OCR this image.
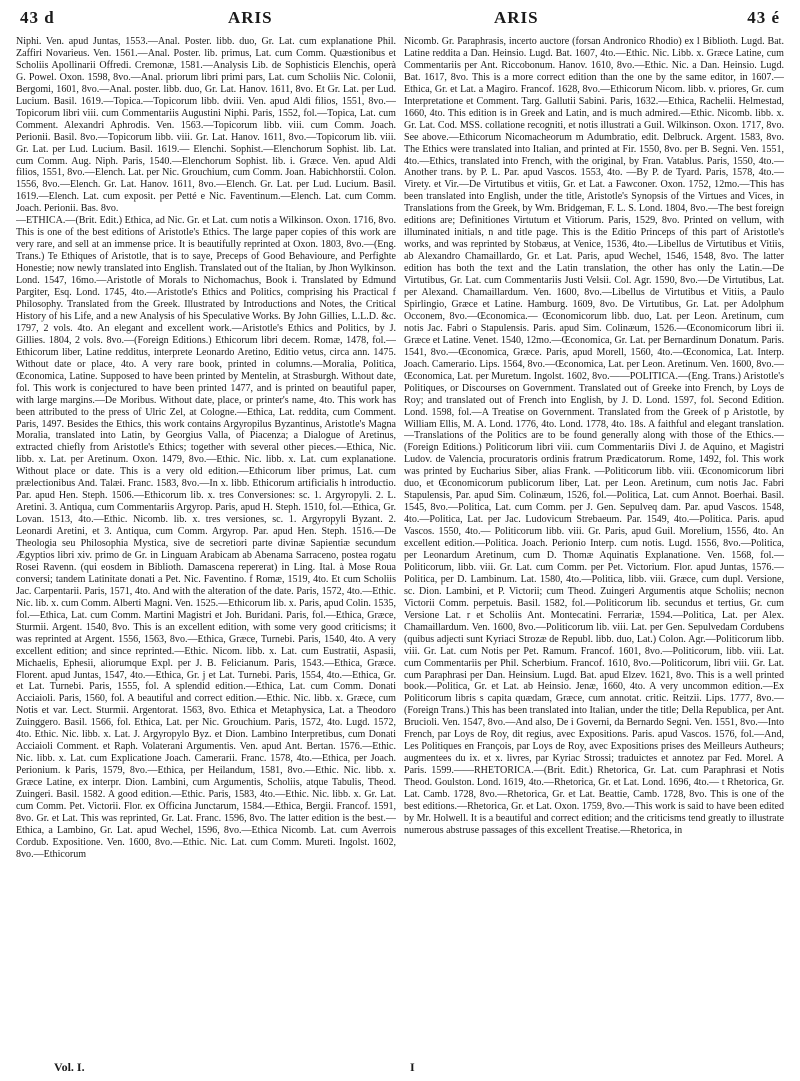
43 d	ARIS	ARIS	43 é

Niphi. Ven. apud Juntas, 1553.—Anal. Poster. libb. duo, Gr. Lat. cum explanatione Phil. Zaffiri Novarieus. Ven. 1561.—Anal. Poster. lib. primus, Lat. cum Comm. Quæstionibus et Scholiis Apollinarii Offredi. Cremonæ, 1581.—Analysis Lib. de Sophisticis Elenchis, operà G. Powel. Oxon. 1598, 8vo.—Anal. priorum libri primi pars, Lat. cum Scholiis Nic. Colonii, Bergomi, 1601, 8vo.—Anal. poster. libb. duo, Gr. Lat. Hanov. 1611, 8vo. Et Gr. Lat. per Lud. Lucium. Basil. 1619.—Topica.—Topicorum libb. dviii. Ven. apud Aldi filios, 1551, 8vo.—Topicorum libri viii. cum Commentariis Augustini Niphi. Paris, 1552, fol.—Topica, Lat. cum Comment. Alexandri Aphrodis. Ven. 1563.—Topicorum libb. viii. cum Comm. Joach. Perionii. Basil. 8vo.—Topicorum libb. viii. Gr. Lat. Hanov. 1611, 8vo.—Topicorum lib. viii. Gr. Lat. per Lud. Lucium. Basil. 1619.— Elenchi. Sophist.—Elenchorum Sophist. lib. Lat. cum Comm. Aug. Niph. Paris, 1540.—Elenchorum Sophist. lib. i. Græce. Ven. apud Aldi filios, 1551, 8vo.—Elench. Lat. per Nic. Grouchium, cum Comm. Joan. Habichhorstii. Colon. 1556, 8vo.—Elench. Gr. Lat. Hanov. 1611, 8vo.—Elench. Gr. Lat. per Lud. Lucium. Basil. 1619.—Elench. Lat. cum exposit. per Petté e Nic. Faventinum.—Elench. Lat. cum Comm. Joach. Perionii. Bas. 8vo.

—ETHICA.—(Brit. Edit.) Ethica, ad Nic. Gr. et Lat. cum notis a Wilkinson. Oxon. 1716, 8vo. This is one of the best editions of Aristotle's Ethics. The large paper copies of this work are very rare, and sell at an immense price. It is beautifully reprinted at Oxon. 1803, 8vo.—(Eng. Trans.) Te Ethiques of Aristotle, that is to saye, Preceps of Good Behavioure, and Perfighte Honestie; now newly translated into English. Translated out of the Italian, by Jhon Wylkinson. Lond. 1547, 16mo.—Aristotle of Morals to Nichomachus, Book i. Translated by Edmund Pargiter, Esq. Lond. 1745, 4to.—Aristotle's Ethics and Politics, comprising his Practical f Philosophy. Translated from the Greek. Illustrated by Introductions and Notes, the Critical History of his Life, and a new Analysis of his Speculative Works. By John Gillies, L.L.D. &c. 1797, 2 vols. 4to. An elegant and excellent work.—Aristotle's Ethics and Politics, by J. Gillies. 1804, 2 vols. 8vo.—(Foreign Editions.) Ethicorum libri decem. Romæ, 1478, fol.—Ethicorum liber, Latine redditus, interprete Leonardo Aretino, Editio vetus, circa ann. 1475. Without date or place, 4to. A very rare book, printed in columns.—Moralia, Politica, Œconomica, Latine. Supposed to have been printed by Mentelin, at Strasburgh. Without date, fol. This work is conjectured to have been printed 1477, and is printed on beautiful paper, with large margins.—De Moribus. Without date, place, or printer's name, 4to. This work has been attributed to the press of Ulric Zel, at Cologne.—Ethica, Lat. reddita, cum Comment. Paris, 1497. Besides the Ethics, this work contains Argyropilus Byzantinus, Aristotle's Magna Moralia, translated into Latin, by Georgius Valla, of Piacenza; a Dialogue of Aretinus, extracted chiefly from Aristotle's Ethics; together with several other pieces.—Ethica, Nic. libb. x. Lat. per Aretinum. Oxon. 1479, 8vo.—Ethic. Nic. libb. x. Lat. cum explanatione. Without place or date. This is a very old edition.—Ethicorum liber primus, Lat. cum prælectionibus And. Talæi. Franc. 1583, 8vo.—In x. libb. Ethicorum artificialis h introductio. Par. apud Hen. Steph. 1506.—Ethicorum lib. x. tres Conversiones: sc. 1. Argyropyli. 2. L. Aretini. 3. Antiqua, cum Commentariis Argyrop. Paris, apud H. Steph. 1510, fol.—Ethica, Gr. Lovan. 1513, 4to.—Ethic. Nicomb. lib. x. tres versiones, sc. 1. Argyropyli Byzant. 2. Leonardi Aretini, et 3. Antiqua, cum Comm. Argyrop. Par. apud Hen. Steph. 1516.—De Theologia seu Philosophia Mystica, sive de secretiori parte divinæ Sapientiæ secundum Ægyptios libri xiv. primo de Gr. in Linguam Arabicam ab Abenama Sarraceno, postea rogatu Rosei Ravenn. (qui eosdem in Biblioth. Damascena repererat) in Ling. Ital. à Mose Roua conversi; tandem Latinitate donati a Pet. Nic. Faventino. f Romæ, 1519, 4to. Et cum Scholiis Jac. Carpentarii. Paris, 1571, 4to. And with the alteration of the date. Paris, 1572, 4to.—Ethic. Nic. lib. x. cum Comm. Alberti Magni. Ven. 1525.—Ethicorum lib. x. Paris, apud Colin. 1535, fol.—Ethica, Lat. cum Comm. Martini Magistri et Joh. Buridani. Paris, fol.—Ethica, Græce, Sturmii. Argent. 1540, 8vo. This is an excellent edition, with some very good criticisms; it was reprinted at Argent. 1556, 1563, 8vo.—Ethica, Græce, Turnebi. Paris, 1540, 4to. A very excellent edition; and since reprinted.—Ethic. Nicom. libb. x. Lat. cum Eustratii, Aspasii, Michaelis, Ephesii, aliorumque Expl. per J. B. Felicianum. Paris, 1543.—Ethica, Græce. Florent. apud Juntas, 1547, 4to.—Ethica, Gr. j et Lat. Turnebi. Paris, 1554, 4to.—Ethica, Gr. et Lat. Turnebi. Paris, 1555, fol. A splendid edition.—Ethica, Lat. cum Comm. Donati Acciaioli. Paris, 1560, fol. A beautiful and correct edition.—Ethic. Nic. libb. x. Græce, cum Notis et var. Lect. Sturmii. Argentorat. 1563, 8vo. Ethica et Metaphysica, Lat. a Theodoro Zuinggero. Basil. 1566, fol. Ethica, Lat. per Nic. Grouchium. Paris, 1572, 4to. Lugd. 1572, 4to. Ethic. Nic. libb. x. Lat. J. Argyropylo Byz. et Dion. Lambino Interpretibus, cum Donati Acciaioli Comment. et Raph. Volaterani Argumentis. Ven. apud Ant. Bertan. 1576.—Ethic. Nic. libb. x. Lat. cum Explicatione Joach. Camerarii. Franc. 1578, 4to.—Ethica, per Joach. Perionium. k Paris, 1579, 8vo.—Ethica, per Heilandum, 1581, 8vo.—Ethic. Nic. libb. x. Græce Latine, ex interpr. Dion. Lambini, cum Argumentis, Scholiis, atque Tabulis, Theod. Zuingeri. Basil. 1582. A good edition.—Ethic. Paris, 1583, 4to.—Ethic. Nic. libb. x. Gr. Lat. cum Comm. Pet. Victorii. Flor. ex Officina Junctarum, 1584.—Ethica, Bergii. Francof. 1591, 8vo. Gr. et Lat. This was reprinted, Gr. Lat. Franc. 1596, 8vo. The latter edition is the best.—Ethica, a Lambino, Gr. Lat. apud Wechel, 1596, 8vo.—Ethica Nicomb. Lat. cum Averrois Cordub. Expositione. Ven. 1600, 8vo.—Ethic. Nic. Lat. cum Comm. Mureti. Ingolst. 1602, 8vo.—Ethicorum

Nicomb. Gr. Paraphrasis, incerto auctore (forsan Andronico Rhodio) ex l Biblioth. Lugd. Bat. Latine reddita a Dan. Heinsio. Lugd. Bat. 1607, 4to.—Ethic. Nic. Libb. x. Græce Latine, cum Commentariis per Ant. Riccobonum. Hanov. 1610, 8vo.—Ethic. Nic. a Dan. Heinsio. Lugd. Bat. 1617, 8vo. This is a more correct edition than the one by the same editor, in 1607.—Ethica, Gr. et Lat. a Magiro. Francof. 1628, 8vo.—Ethicorum Nicom. libb. v. priores, Gr. cum Interpretatione et Comment. Targ. Gallutii Sabini. Paris, 1632.—Ethica, Rachelii. Helmestad, 1660, 4to. This edition is in Greek and Latin, and is much admired.—Ethic. Nicomb. libb. x. Gr. Lat. Cod. MSS. collatione recogniti, et notis illustrati a Guil. Wilkinson. Oxon. 1717, 8vo. See above.—Ethicorum Nicomacheorum m Adumbratio, edit. Delbruck. Argent. 1583, 8vo. The Ethics were translated into Italian, and printed at Fir. 1550, 8vo. per B. Segni. Ven. 1551, 4to.—Ethics, translated into French, with the original, by Fran. Vatablus. Paris, 1550, 4to.—Another trans. by P. L. Par. apud Vascos. 1553, 4to. —By P. de Tyard. Paris, 1578, 4to.—Virety. et Vir.—De Virtutibus et vitiis, Gr. et Lat. a Fawconer. Oxon. 1752, 12mo.—This has been translated into English, under the title, Aristotle's Synopsis of the Virtues and Vices, in Translations from the Greek, by Wm. Bridgeman, F. L. S. Lond. 1804, 8vo.—The best foreign editions are; Definitiones Virtutum et Vitiorum. Paris, 1529, 8vo. Printed on vellum, with illuminated initials, n and title page. This is the Editio Princeps of this part of Aristotle's works, and was reprinted by Stobæus, at Venice, 1536, 4to.—Libellus de Virtutibus et Vitiis, ab Alexandro Chamaillardo, Gr. et Lat. Paris, apud Wechel, 1546, 1548, 8vo. The latter edition has both the text and the Latin translation, the other has only the Latin.—De Virtutibus, Gr. Lat. cum Commentariis Justi Velsii. Col. Agr. 1590, 8vo.—De Virtutibus, Lat. per Alexand. Chamaillardum. Ven. 1600, 8vo.—Libellus de Virtutibus et Vitiis, a Paulo Spirlingio, Græce et Latine. Hamburg. 1609, 8vo. De Virtutibus, Gr. Lat. per Adolphum Occonem, 8vo.—Œconomica.— Œconomicorum libb. duo, Lat. per Leon. Aretinum, cum notis Jac. Fabri o Stapulensis. Paris. apud Sim. Colinæum, 1526.—Œconomicorum libri ii. Græce et Latine. Venet. 1540, 12mo.—Œconomica, Gr. Lat. per Bernardinum Donatum. Paris. 1541, 8vo.—Œconomica, Græce. Paris, apud Morell, 1560, 4to.—Œconomica, Lat. Interp. Joach. Camerario. Lips. 1564, 8vo.—Œconomica, Lat. per Leon. Aretinum. Ven. 1600, 8vo.— Œconomica, Lat. per Muretum. Ingolst. 1602, 8vo.——POLITICA.—(Eng. Trans.) Aristotle's Politiques, or Discourses on Government. Translated out of Greeke into French, by Loys de Roy; and translated out of French into English, by J. D. Lond. 1597, fol. Second Edition. Lond. 1598, fol.—A Treatise on Government. Translated from the Greek of p Aristotle, by William Ellis, M. A. Lond. 1776, 4to. Lond. 1778, 4to. 18s. A faithful and elegant translation.—Translations of the Politics are to be found generally along with those of the Ethics.—(Foreign Editions.) Politicorum libri viii. cum Commentariis Divi J. de Aquino, et Magistri Ludov. de Valencia, procuratoris ordinis fratrum Prædicatorum. Rome, 1492, fol. This work was printed by Eucharius Siber, alias Frank. —Politicorum libb. viii. Œconomicorum libri duo, et Œconomicorum publicorum liber, Lat. per Leon. Aretinum, cum notis Jac. Fabri Stapulensis, Par. apud Sim. Colinæum, 1526, fol.—Politica, Lat. cum Annot. Boerhai. Basil. 1545, 8vo.—Politica, Lat. cum Comm. per J. Gen. Sepulveq dam. Par. apud Vascos. 1548, 4to.—Politica, Lat. per Jac. Ludovicum Strebaeum. Par. 1549, 4to.—Politica. Paris. apud Vascos. 1550, 4to.— Politicorum libb. viii. Gr. Paris, apud Guil. Morelium, 1556, 4to. An excellent edition.—Politica. Joach. Perionio Interp. cum notis. Lugd. 1556, 8vo.—Politica, per Leonardum Aretinum, cum D. Thomæ Aquinatis Explanatione. Ven. 1568, fol.—Politicorum, libb. viii. Gr. Lat. cum Comm. per Pet. Victorium. Flor. apud Juntas, 1576.—Politica, per D. Lambinum. Lat. 1580, 4to.—Politica, libb. viii. Græce, cum dupl. Versione, sc. Dion. Lambini, et P. Victorii; cum Theod. Zuingeri Argumentis atque Scholiis; necnon Victorii Comm. perpetuis. Basil. 1582, fol.—Politicorum lib. secundus et tertius, Gr. cum Versione Lat. r et Scholiis Ant. Montecatini. Ferrariæ, 1594.—Politica, Lat. per Alex. Chamaillardum. Ven. 1600, 8vo.—Politicorum lib. viii. Lat. per Gen. Sepulvedam Cordubens (quibus adjecti sunt Kyriaci Strozæ de Republ. libb. duo, Lat.) Colon. Agr.—Politicorum libb. viii. Gr. Lat. cum Notis per Pet. Ramum. Francof. 1601, 8vo.—Politicorum, libb. viii. Lat. cum Commentariis per Phil. Scherbium. Francof. 1610, 8vo.—Politicorum, libri viii. Gr. Lat. cum Paraphrasi per Dan. Heinsium. Lugd. Bat. apud Elzev. 1621, 8vo. This is a well printed book.—Politica, Gr. et Lat. ab Heinsio. Jenæ, 1660, 4to. A very uncommon edition.—Ex Politicorum libris s capita quædam, Græce, cum annotat. critic. Reitzii. Lips. 1777, 8vo.—(Foreign Trans.) This has been translated into Italian, under the title; Della Republica, per Ant. Brucioli. Ven. 1547, 8vo.—And also, De i Governi, da Bernardo Segni. Ven. 1551, 8vo.—Into French, par Loys de Roy, dit regius, avec Expositions. Paris. apud Vascos. 1576, fol.—And, Les Politiques en François, par Loys de Roy, avec Expositions prises des Meilleurs Autheurs; augmentees du ix. et x. livres, par Kyriac Strossi; traduictes et annotez par Fed. Morel. A Paris. 1599.——RHETORICA.—(Brit. Edit.) Rhetorica, Gr. Lat. cum Paraphrasi et Notis Theod. Goulston. Lond. 1619, 4to.—Rhetorica, Gr. et Lat. Lond. 1696, 4to.— t Rhetorica, Gr. Lat. Camb. 1728, 8vo.—Rhetorica, Gr. et Lat. Beattie, Camb. 1728, 8vo. This is one of the best editions.—Rhetorica, Gr. et Lat. Oxon. 1759, 8vo.—This work is said to have been edited by Mr. Holwell. It is a beautiful and correct edition; and the criticisms tend greatly to illustrate numerous abstruse passages of this excellent Treatise.—Rhetorica, in

Vol. I.	I
